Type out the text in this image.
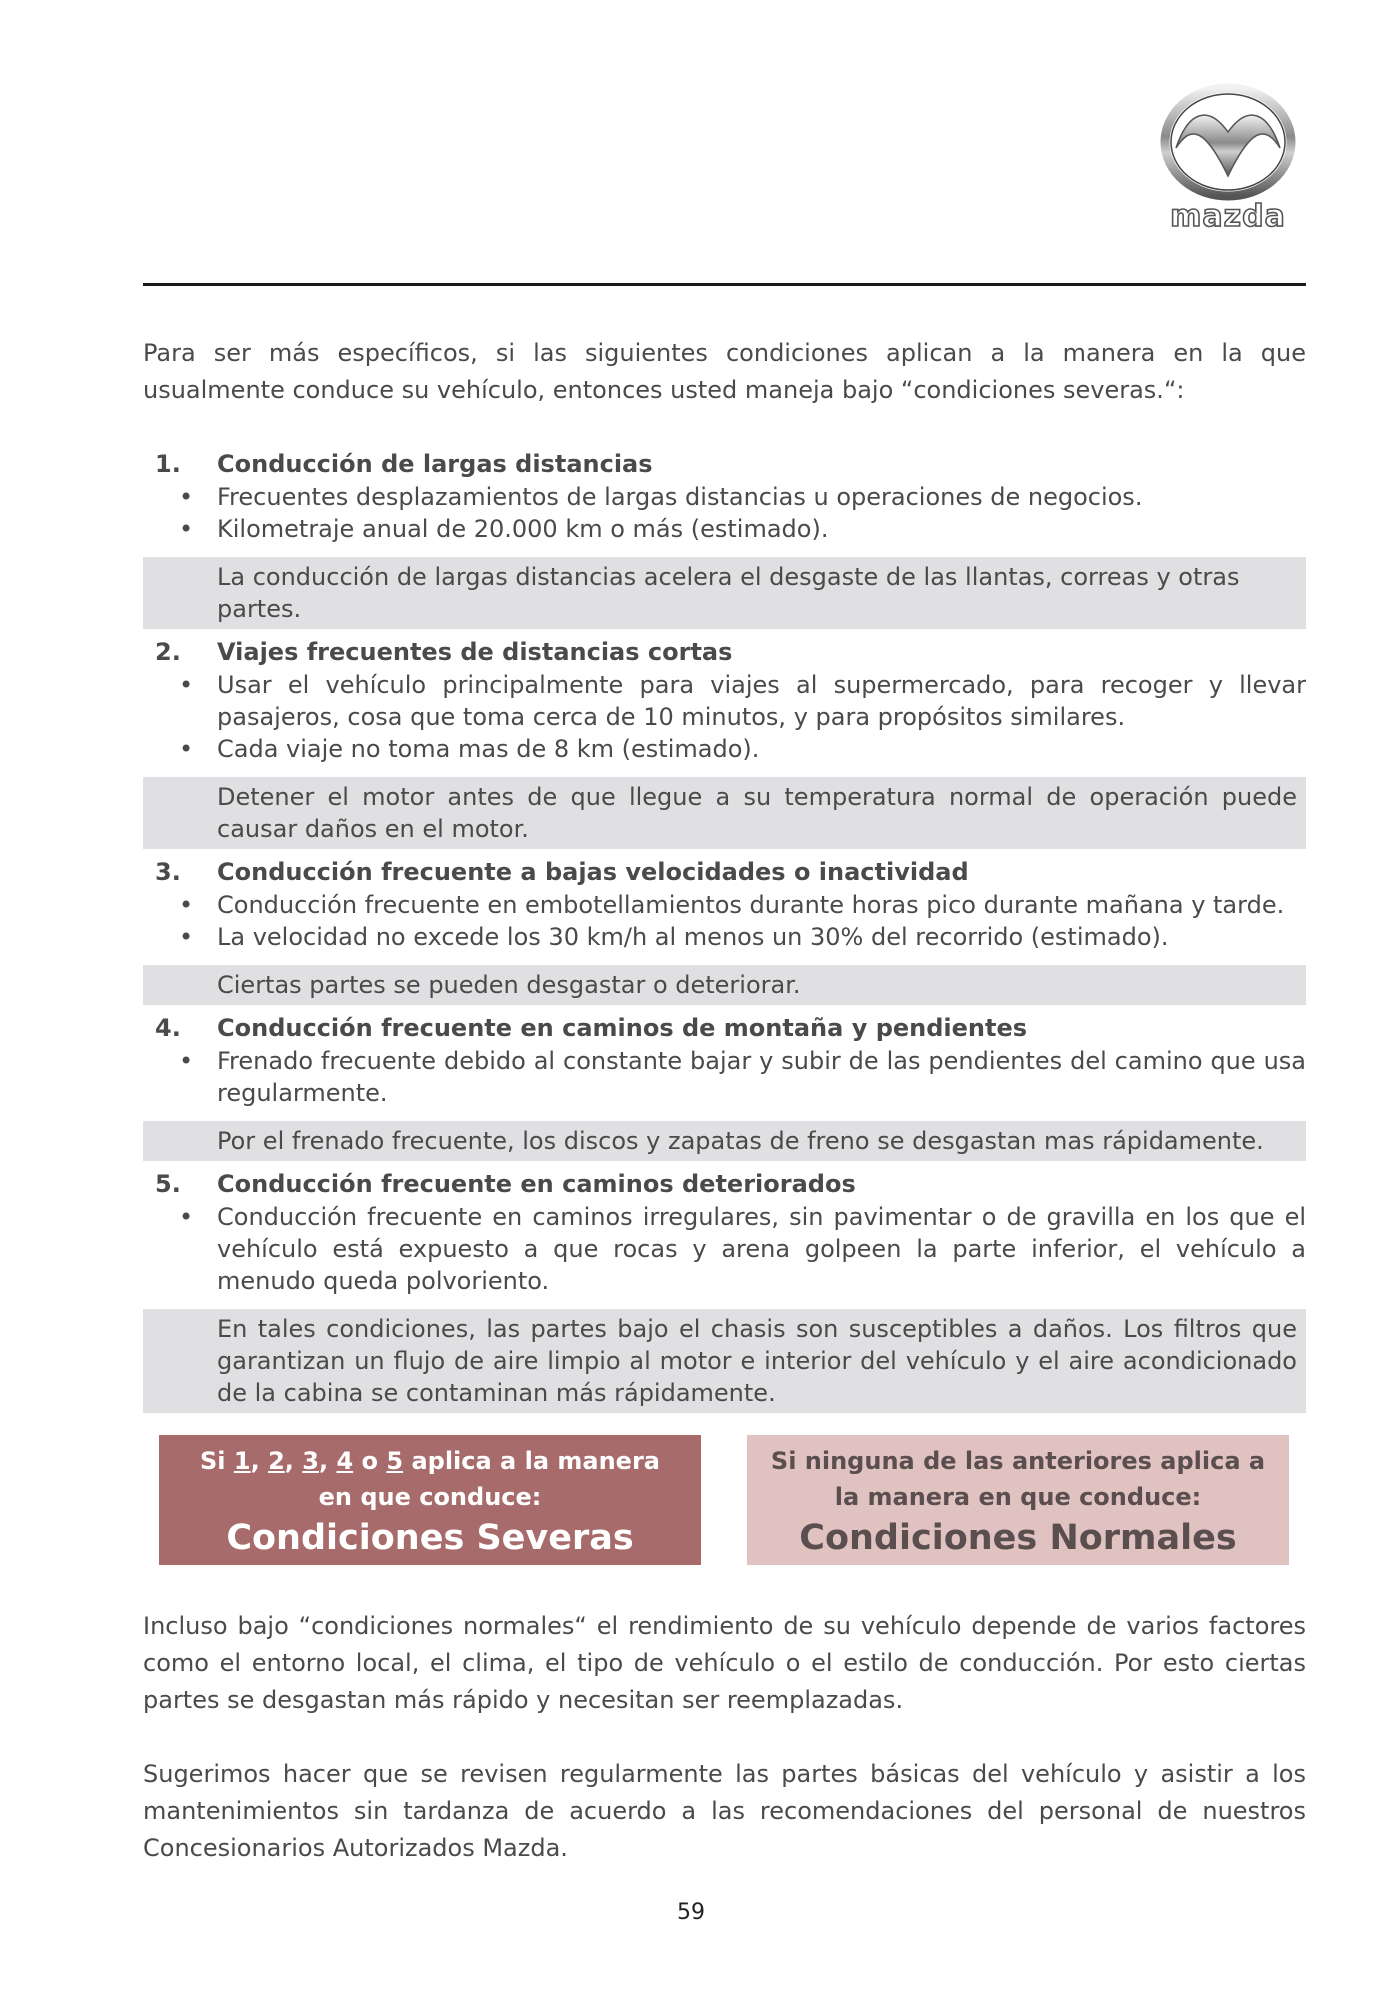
mazda

Para ser más específicos, si las siguientes condiciones aplican a la manera en la que usualmente conduce su vehículo, entonces usted maneja bajo “condiciones severas.“:

1. Conducción de largas distancias
• Frecuentes desplazamientos de largas distancias u operaciones de negocios.
• Kilometraje anual de 20.000 km o más (estimado).
La conducción de largas distancias acelera el desgaste de las llantas, correas y otras partes.
2. Viajes frecuentes de distancias cortas
• Usar el vehículo principalmente para viajes al supermercado, para recoger y llevar pasajeros, cosa que toma cerca de 10 minutos, y para propósitos similares.
• Cada viaje no toma mas de 8 km (estimado).
Detener el motor antes de que llegue a su temperatura normal de operación puede causar daños en el motor.
3. Conducción frecuente a bajas velocidades o inactividad
• Conducción frecuente en embotellamientos durante horas pico durante mañana y tarde.
• La velocidad no excede los 30 km/h al menos un 30% del recorrido (estimado).
Ciertas partes se pueden desgastar o deteriorar.
4. Conducción frecuente en caminos de montaña y pendientes
• Frenado frecuente debido al constante bajar y subir de las pendientes del camino que usa regularmente.
Por el frenado frecuente, los discos y zapatas de freno se desgastan mas rápidamente.
5. Conducción frecuente en caminos deteriorados
• Conducción frecuente en caminos irregulares, sin pavimentar o de gravilla en los que el vehículo está expuesto a que rocas y arena golpeen la parte inferior, el vehículo a menudo queda polvoriento.
En tales condiciones, las partes bajo el chasis son susceptibles a daños. Los filtros que garantizan un flujo de aire limpio al motor e interior del vehículo y el aire acondicionado de la cabina se contaminan más rápidamente.
Si 1, 2, 3, 4 o 5 aplica a la manera
en que conduce:
Condiciones Severas
Si ninguna de las anteriores aplica a
la manera en que conduce:
Condiciones Normales

Incluso bajo “condiciones normales“ el rendimiento de su vehículo depende de varios factores como el entorno local, el clima, el tipo de vehículo o el estilo de conducción. Por esto ciertas partes se desgastan más rápido y necesitan ser reemplazadas.

Sugerimos hacer que se revisen regularmente las partes básicas del vehículo y asistir a los mantenimientos sin tardanza de acuerdo a las recomendaciones del personal de nuestros Concesionarios Autorizados Mazda.

59
